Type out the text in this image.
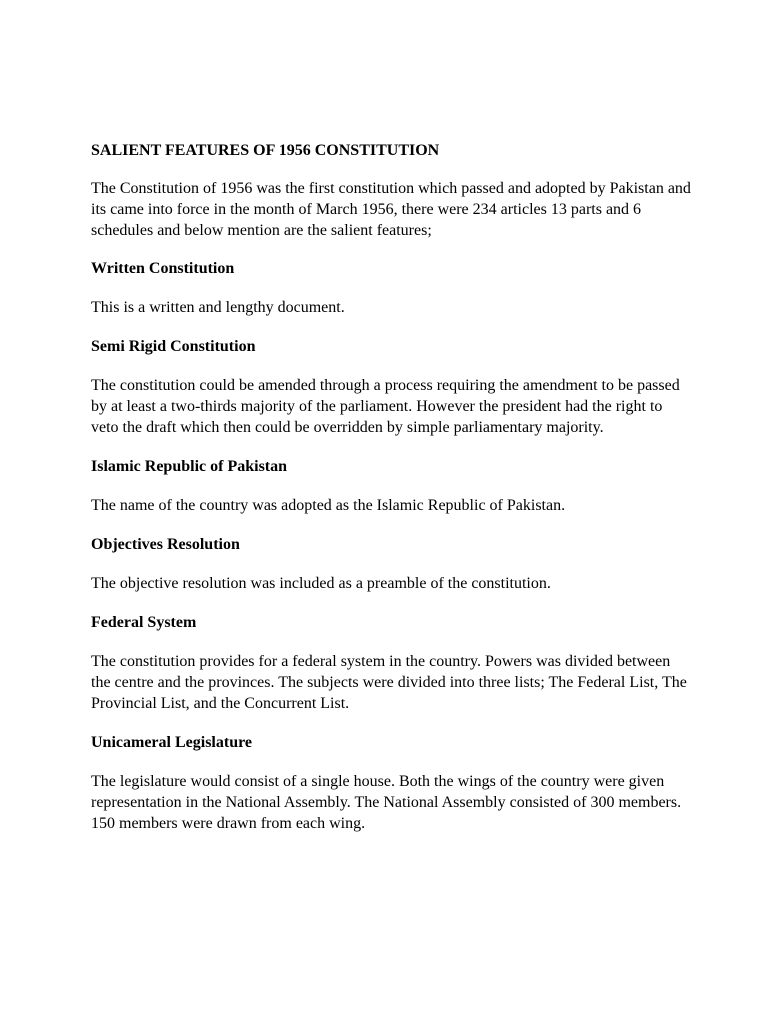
SALIENT FEATURES OF 1956 CONSTITUTION

The Constitution of 1956 was the first constitution which passed and adopted by Pakistan and its came into force in the month of March 1956, there were 234 articles 13 parts and 6 schedules and below mention are the salient features;

Written Constitution

This is a written and lengthy document.

Semi Rigid Constitution

The constitution could be amended through a process requiring the amendment to be passed by at least a two-thirds majority of the parliament. However the president had the right to veto the draft which then could be overridden by simple parliamentary majority.

Islamic Republic of Pakistan

The name of the country was adopted as the Islamic Republic of Pakistan.

Objectives Resolution

The objective resolution was included as a preamble of the constitution.

Federal System

The constitution provides for a federal system in the country. Powers was divided between the centre and the provinces. The subjects were divided into three lists; The Federal List, The Provincial List, and the Concurrent List.

Unicameral Legislature

The legislature would consist of a single house. Both the wings of the country were given representation in the National Assembly. The National Assembly consisted of 300 members. 150 members were drawn from each wing.
